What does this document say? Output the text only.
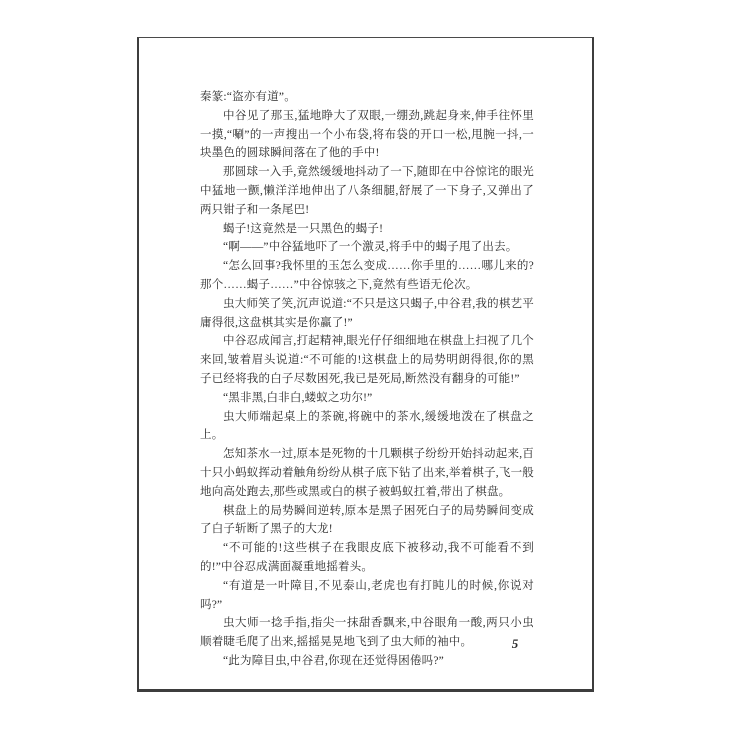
秦篆:“盗亦有道”。

中谷见了那玉,猛地睁大了双眼,一绷劲,跳起身来,伸手往怀里一摸,“唰”的一声搜出一个小布袋,将布袋的开口一松,甩腕一抖,一块墨色的圆球瞬间落在了他的手中!

那圆球一入手,竟然缓缓地抖动了一下,随即在中谷惊诧的眼光中猛地一颤,懒洋洋地伸出了八条细腿,舒展了一下身子,又弹出了两只钳子和一条尾巴!

蝎子!这竟然是一只黑色的蝎子!

“啊——”中谷猛地吓了一个激灵,将手中的蝎子甩了出去。

“怎么回事?我怀里的玉怎么变成……你手里的……哪儿来的?那个……蝎子……”中谷惊骇之下,竟然有些语无伦次。

虫大师笑了笑,沉声说道:“不只是这只蝎子,中谷君,我的棋艺平庸得很,这盘棋其实是你赢了!”

中谷忍成闻言,打起精神,眼光仔仔细细地在棋盘上扫视了几个来回,皱着眉头说道:“不可能的!这棋盘上的局势明朗得很,你的黑子已经将我的白子尽数困死,我已是死局,断然没有翻身的可能!”

“黑非黑,白非白,蝼蚁之功尔!”

虫大师端起桌上的茶碗,将碗中的茶水,缓缓地泼在了棋盘之上。

怎知茶水一过,原本是死物的十几颗棋子纷纷开始抖动起来,百十只小蚂蚁挥动着触角纷纷从棋子底下钻了出来,举着棋子,飞一般地向高处跑去,那些或黑或白的棋子被蚂蚁扛着,带出了棋盘。

棋盘上的局势瞬间逆转,原本是黑子困死白子的局势瞬间变成了白子斩断了黑子的大龙!

“不可能的!这些棋子在我眼皮底下被移动,我不可能看不到的!”中谷忍成满面凝重地摇着头。

“有道是一叶障目,不见泰山,老虎也有打盹儿的时候,你说对吗?”

虫大师一捻手指,指尖一抹甜香飘来,中谷眼角一酸,两只小虫顺着睫毛爬了出来,摇摇晃晃地飞到了虫大师的袖中。

“此为障目虫,中谷君,你现在还觉得困倦吗?”

5
